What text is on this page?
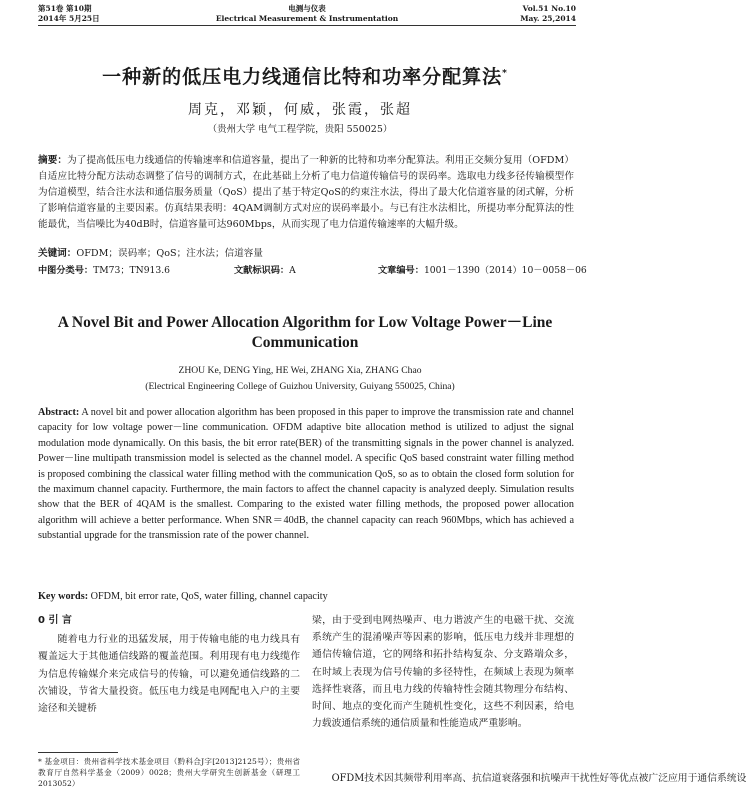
第51卷 第10期
2014年 5月25日
电测与仪表
Electrical Measurement & Instrumentation
Vol.51 No.10
May. 25,2014
一种新的低压电力线通信比特和功率分配算法*
周克，邓颖，何威，张霞，张超
（贵州大学 电气工程学院，贵阳 550025）
摘要：为了提高低压电力线通信的传输速率和信道容量，提出了一种新的比特和功率分配算法。利用正交频分复用（OFDM）自适应比特分配方法动态调整了信号的调制方式，在此基础上分析了电力信道传输信号的误码率。选取电力线多径传输模型作为信道模型，结合注水法和通信服务质量（QoS）提出了基于特定QoS的约束注水法，得出了最大化信道容量的闭式解，分析了影响信道容量的主要因素。仿真结果表明：4QAM调制方式对应的误码率最小。与已有注水法相比，所提功率分配算法的性能最优，当信噪比为40dB时，信道容量可达960Mbps，从而实现了电力信道传输速率的大幅升级。
关键词：OFDM；误码率；QoS；注水法；信道容量
中图分类号：TM73；TN913.6	文献标识码：A	文章编号：1001－1390（2014）10－0058－06
A Novel Bit and Power Allocation Algorithm for Low Voltage Power－Line
Communication
ZHOU Ke, DENG Ying, HE Wei, ZHANG Xia, ZHANG Chao
(Electrical Engineering College of Guizhou University, Guiyang 550025, China)
Abstract: A novel bit and power allocation algorithm has been proposed in this paper to improve the transmission rate and channel capacity for low voltage power－line communication. OFDM adaptive bite allocation method is utilized to adjust the signal modulation mode dynamically. On this basis, the bit error rate(BER) of the transmitting signals in the power channel is analyzed. Power－line multipath transmission model is selected as the channel model. A specific QoS based constraint water filling method is proposed combining the classical water filling method with the communication QoS, so as to obtain the closed form solution for the maximum channel capacity. Furthermore, the main factors to affect the channel capacity is analyzed deeply. Simulation results show that the BER of 4QAM is the smallest. Comparing to the existed water filling methods, the proposed power allocation algorithm will achieve a better performance. When SNR＝40dB, the channel capacity can reach 960Mbps, which has achieved a substantial upgrade for the transmission rate of the power channel.
Key words: OFDM, bit error rate, QoS, water filling, channel capacity
0 引 言
随着电力行业的迅猛发展，用于传输电能的电力线具有覆盖远大于其他通信线路的覆盖范围。利用现有电力线缆作为信息传输媒介来完成信号的传输，可以避免通信线路的二次铺设，节省大量投资。低压电力线是电网配电入户的主要途径和关键桥
梁，由于受到电网热噪声、电力谐波产生的电磁干扰、交流系统产生的混淆噪声等因素的影响，低压电力线并非理想的通信传输信道，它的网络和拓扑结构复杂、分支路端众多，在时域上表现为信号传输的多径特性，在频域上表现为频率选择性衰落，而且电力线的传输特性会随其物理分布结构、时间、地点的变化而产生随机性变化，这些不利因素，给电力载波通信系统的通信质量和性能造成严重影响。
OFDM技术因其频带利用率高、抗信道衰落强和抗噪声干扰性好等优点被广泛应用于通信系统设
* 基金项目：贵州省科学技术基金项目（黔科合J字[2013]2125号）；贵州省教育厅自然科学基金（2009）0028；贵州大学研究生创新基金（研理工2013052）
